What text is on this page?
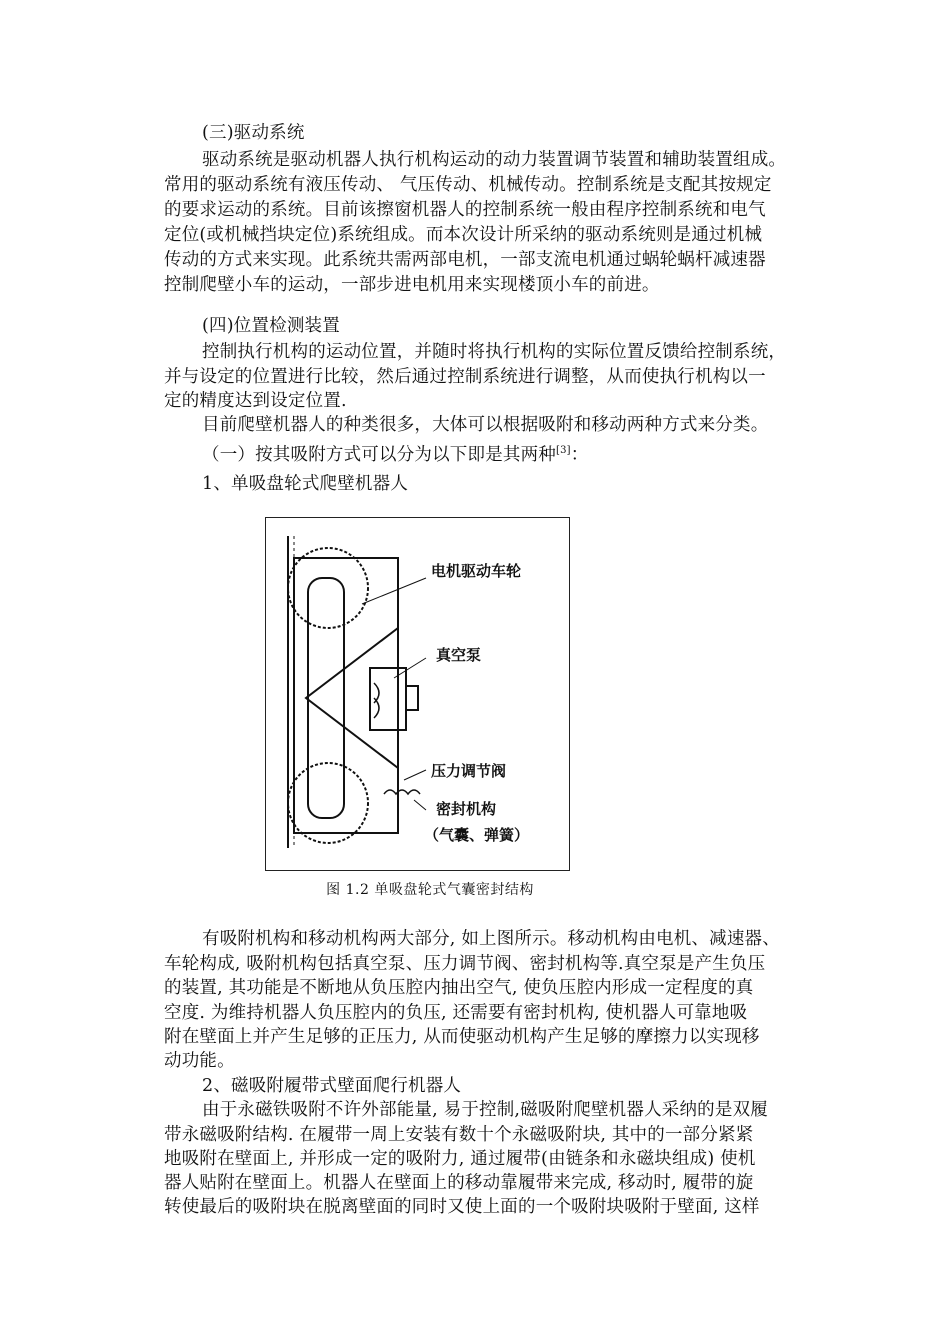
(三)驱动系统
驱动系统是驱动机器人执行机构运动的动力装置调节装置和辅助装置组成。
常用的驱动系统有液压传动、 气压传动、机械传动。控制系统是支配其按规定
的要求运动的系统。目前该擦窗机器人的控制系统一般由程序控制系统和电气
定位(或机械挡块定位)系统组成。而本次设计所采纳的驱动系统则是通过机械
传动的方式来实现。此系统共需两部电机，一部支流电机通过蜗轮蜗杆减速器
控制爬壁小车的运动，一部步进电机用来实现楼顶小车的前进。
(四)位置检测装置
控制执行机构的运动位置，并随时将执行机构的实际位置反馈给控制系统，
并与设定的位置进行比较，然后通过控制系统进行调整，从而使执行机构以一
定的精度达到设定位置.
目前爬壁机器人的种类很多，大体可以根据吸附和移动两种方式来分类。
（一）按其吸附方式可以分为以下即是其两种[3]：
1、单吸盘轮式爬壁机器人
电机驱动车轮
真空泵
压力调节阀
密封机构
（气囊、弹簧）
图 1.2 单吸盘轮式气囊密封结构
有吸附机构和移动机构两大部分, 如上图所示。移动机构由电机、减速器、
车轮构成, 吸附机构包括真空泵、压力调节阀、密封机构等.真空泵是产生负压
的装置, 其功能是不断地从负压腔内抽出空气, 使负压腔内形成一定程度的真
空度. 为维持机器人负压腔内的负压, 还需要有密封机构, 使机器人可靠地吸
附在壁面上并产生足够的正压力, 从而使驱动机构产生足够的摩擦力以实现移
动功能。
2、磁吸附履带式壁面爬行机器人
由于永磁铁吸附不许外部能量, 易于控制,磁吸附爬壁机器人采纳的是双履
带永磁吸附结构. 在履带一周上安装有数十个永磁吸附块, 其中的一部分紧紧
地吸附在壁面上, 并形成一定的吸附力, 通过履带(由链条和永磁块组成) 使机
器人贴附在壁面上。机器人在壁面上的移动靠履带来完成, 移动时, 履带的旋
转使最后的吸附块在脱离壁面的同时又使上面的一个吸附块吸附于壁面, 这样
